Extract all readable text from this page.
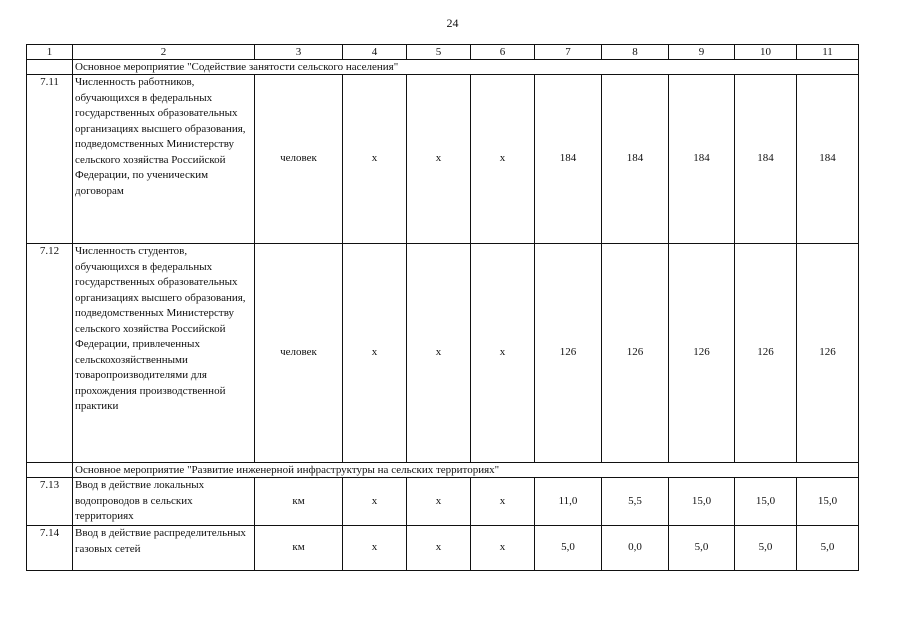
24
1	2	3	4	5	6	7	8	9	10	11
	Основное мероприятие "Содействие занятости сельского населения"									
7.11	Численность работников, обучающихся в федеральных государственных образовательных организациях высшего образования, подведомственных Министерству сельского хозяйства Российской Федерации, по ученическим договорам	человек	х	х	х	184	184	184	184	184
7.12	Численность студентов, обучающихся в федеральных государственных образовательных организациях высшего образования, подведомственных Министерству сельского хозяйства Российской Федерации, привлеченных сельскохозяйственными товаропроизводителями для прохождения производственной практики	человек	х	х	х	126	126	126	126	126
	Основное мероприятие "Развитие инженерной инфраструктуры на сельских территориях"									
7.13	Ввод в действие локальных водопроводов в сельских территориях	км	х	х	х	11,0	5,5	15,0	15,0	15,0
7.14	Ввод в действие распределительных газовых сетей	км	х	х	х	5,0	0,0	5,0	5,0	5,0
